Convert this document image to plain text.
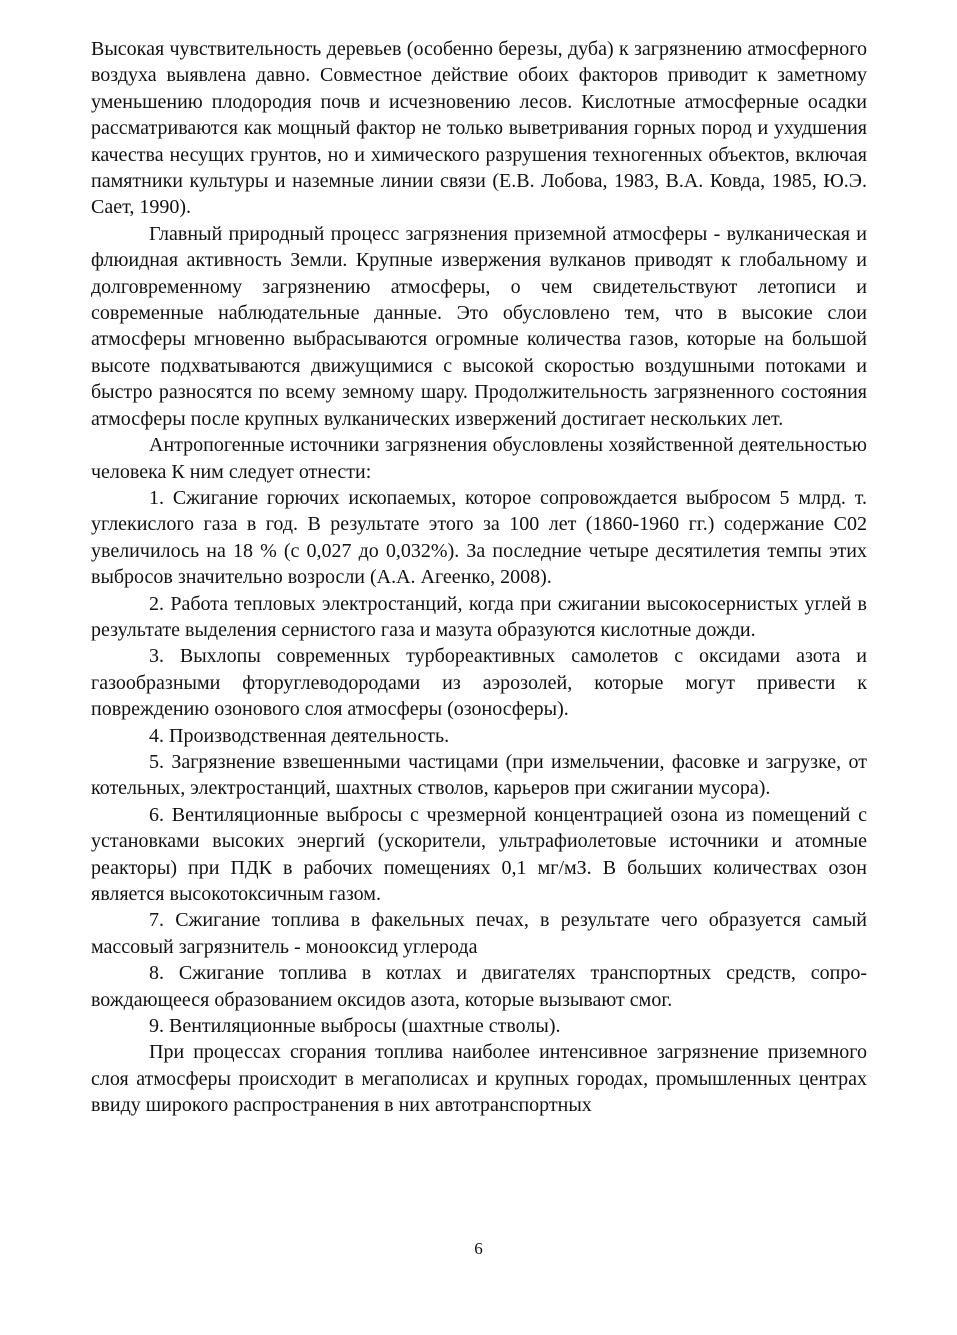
Высокая чувствительность деревьев (особенно березы, дуба) к загрязнению атмосферного воздуха выявлена давно. Совместное действие обоих факторов приводит к заметному уменьшению плодородия почв и исчезновению лесов. Кислотные атмосферные осадки рассматриваются как мощный фактор не только выветривания горных пород и ухудшения качества несущих грунтов, но и химического разрушения техногенных объектов, включая памятники культуры и наземные линии связи (Е.В. Лобова, 1983, В.А. Ковда, 1985, Ю.Э. Сает, 1990).

Главный природный процесс загрязнения приземной атмосферы - вулканическая и флюидная активность Земли. Крупные извержения вулканов приводят к глобальному и долговременному загрязнению атмосферы, о чем свидетельствуют летописи и современные наблюдательные данные. Это обусловлено тем, что в высокие слои атмосферы мгновенно выбрасываются огромные количества газов, которые на большой высоте подхватываются движущимися с высокой скоростью воздушными потоками и быстро разносятся по всему земному шару. Продолжительность загрязненного состояния атмосферы после крупных вулканических извержений достигает нескольких лет.

Антропогенные источники загрязнения обусловлены хозяйственной деятельностью человека К ним следует отнести:

1. Сжигание горючих ископаемых, которое сопровождается выбросом 5 млрд. т. углекислого газа в год. В результате этого за 100 лет (1860-1960 гг.) содержание С02 увеличилось на 18 % (с 0,027 до 0,032%). За последние четыре десятилетия темпы этих выбросов значительно возросли (А.А. Агеенко, 2008).

2. Работа тепловых электростанций, когда при сжигании высокосернистых углей в результате выделения сернистого газа и мазута образуются кислотные дожди.

3. Выхлопы современных турбореактивных самолетов с оксидами азота и газообразными фторуглеводородами из аэрозолей, которые могут привести к повреждению озонового слоя атмосферы (озоносферы).

4. Производственная деятельность.

5. Загрязнение взвешенными частицами (при измельчении, фасовке и загрузке, от котельных, электростанций, шахтных стволов, карьеров при сжигании мусора).

6. Вентиляционные выбросы с чрезмерной концентрацией озона из помещений с установками высоких энергий (ускорители, ультрафиолетовые источники и атомные реакторы) при ПДК в рабочих помещениях 0,1 мг/мЗ. В больших количествах озон является высокотоксичным газом.

7. Сжигание топлива в факельных печах, в результате чего образуется самый массовый загрязнитель - монооксид углерода

8. Сжигание топлива в котлах и двигателях транспортных средств, сопровождающееся образованием оксидов азота, которые вызывают смог.

9. Вентиляционные выбросы (шахтные стволы).

При процессах сгорания топлива наиболее интенсивное загрязнение приземного слоя атмосферы происходит в мегаполисах и крупных городах, промышленных центрах ввиду широкого распространения в них автотранспортных

6
